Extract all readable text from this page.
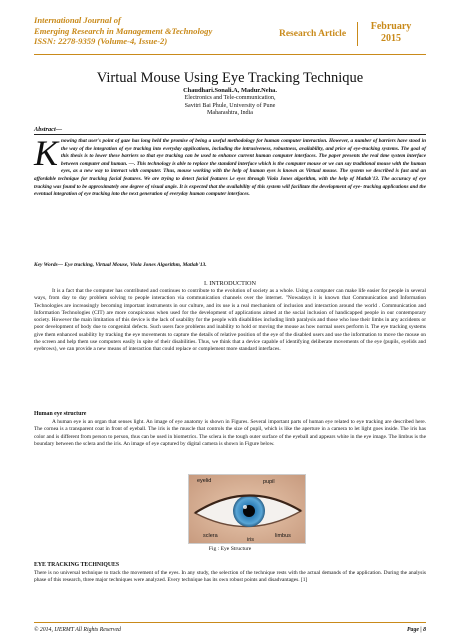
International Journal of
Emerging Research in Management &Technology
ISSN: 2278-9359 (Volume-4, Issue-2)
Research Article
February
2015
Virtual Mouse Using Eye Tracking Technique
Chaudhari.Sonali.A, Madur.Neha.
Electronics and Tele-communication,
Savitri Bai Phule, University of Pune
Maharashtra, India
Abstract—
Knowing that user's point of gaze has long held the promise of being a useful methodology for human computer interaction. However, a number of barriers have stood in the way of the integration of eye tracking into everyday applications, including the intrusiveness, robustness, availability, and price of eye-tracking systems. The goal of this thesis is to lower these barriers so that eye tracking can be used to enhance current human computer interfaces. The paper presents the real time system interface between computer and human. —. This technology is able to replace the standard interface which is the computer mouse or we can say traditional mouse with the human eyes, as a new way to interact with computer. Thus, mouse working with the help of human eyes is known as Virtual mouse. The system we described is fast and an affordable technique for tracking facial features. We are trying to detect facial features i.e eyes through Viola Jones algorithm, with the help of Matlab'13. The accuracy of eye tracking was found to be approximately one degree of visual angle. It is expected that the availability of this system will facilitate the development of eye- tracking applications and the eventual integration of eye tracking into the next generation of everyday human computer interfaces.
Key Words— Eye tracking, Virtual Mouse, Viola Jones Algorithm, Matlab'13.
I. INTRODUCTION
It is a fact that the computer has contributed and continues to contribute to the evolution of society as a whole. Using a computer can make life easier for people in several ways, from day to day problem solving to people interaction via communication channels over the internet. "Nowadays it is known that Communication and Information Technologies are increasingly becoming important instruments in our culture, and its use is a real mechanism of inclusion and interaction around the world . Communication and Information Technologies (CIT) are more conspicuous when used for the development of applications aimed at the social inclusion of handicapped people in our contemporary society. However the main limitation of this device is the lack of usability for the people with disabilities including limb paralysis and those who lose their limbs in any accidents or poor development of body due to congenital defects. Such users face problems and inability to hold or moving the mouse as how normal users perform it. The eye tracking systems give them enhanced usability by tracking the eye movements to capture the details of relative position of the eye of the disabled users and use the information to move the mouse on the screen and help them use computers easily in spite of their disabilities. Thus, we think that a device capable of identifying deliberate movements of the eye (pupils, eyelids and eyebrows), we can provide a new means of interaction that could replace or complement more standard interfaces.
Human eye structure
A human eye is an organ that senses light. An image of eye anatomy is shown in Figures. Several important parts of human eye related to eye tracking are described here. The cornea is a transparent coat in front of eyeball. The iris is the muscle that controls the size of pupil, which is like the aperture in a camera to let light goes inside. The iris has color and is different from person to person, thus can be used in biometrics. The sclera is the tough outer surface of the eyeball and appears white in the eye image. The limbus is the boundary between the sclera and the iris. An image of eye captured by digital camera is shown in Figure below.
eyelid	pupil
sclera
iris
limbus
Fig : Eye Structure
EYE TRACKING TECHNIQUES
There is no universal technique to track the movement of the eyes. In any study, the selection of the technique rests with the actual demands of the application. During the analysis phase of this research, three major techniques were analyzed. Every technique has its own robust points and disadvantages. [1]
© 2014, IJERMT All Rights Reserved	Page | 8
